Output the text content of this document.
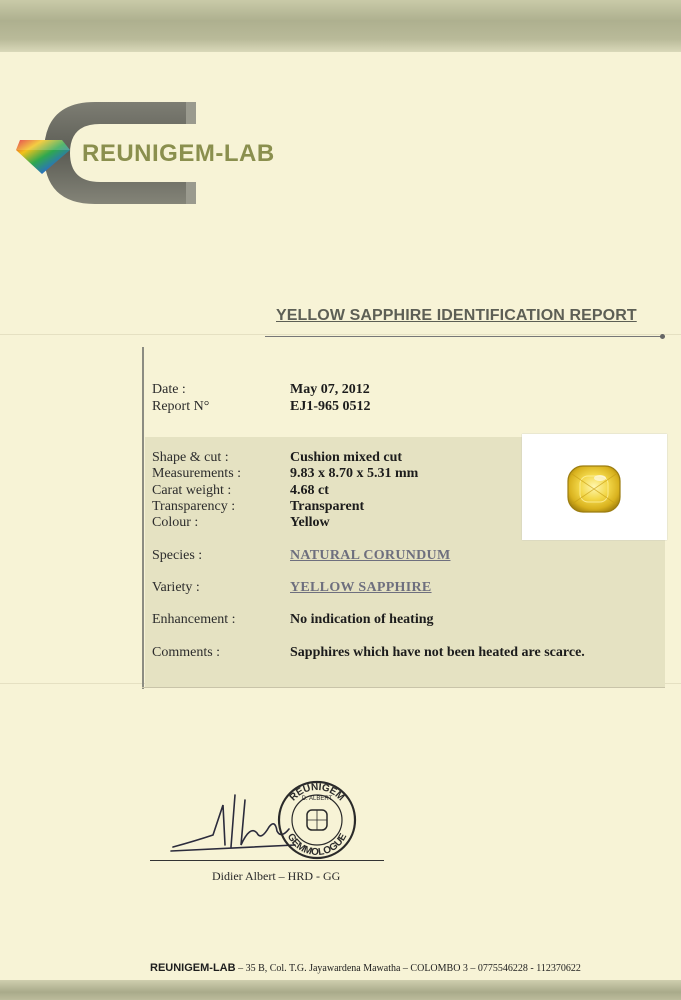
REUNIGEM-LAB
YELLOW SAPPHIRE IDENTIFICATION REPORT
Date :	May 07, 2012
Report N°	EJ1-965 0512
Shape & cut :	Cushion mixed cut
Measurements :	9.83 x 8.70 x 5.31 mm
Carat weight :	4.68 ct
Transparency :	Transparent
Colour :	Yellow
Species :	NATURAL CORUNDUM
Variety :	YELLOW SAPPHIRE
Enhancement :	No indication of heating
Comments :	Sapphires which have not been heated are scarce.
REUNIGEM
GEMMOLOGUE
D. ALBERT
Didier Albert – HRD - GG
REUNIGEM-LAB – 35 B, Col. T.G. Jayawardena Mawatha – COLOMBO 3 – 0775546228 - 112370622
